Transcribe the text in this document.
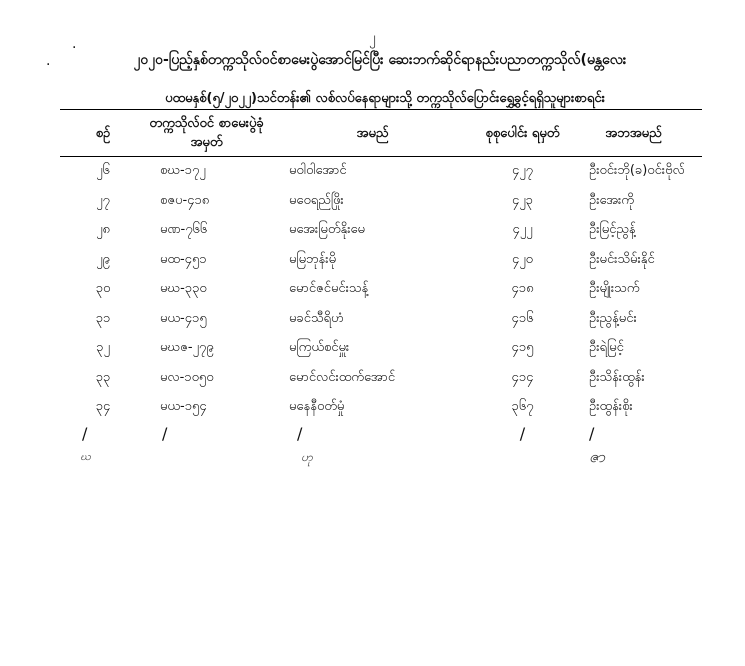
၂
·
·	၂၀၂၀-ပြည့်နှစ်တက္ကသိုလ်ဝင်စာမေးပွဲအောင်မြင်ပြီး ဆေးဘက်ဆိုင်ရာနည်းပညာတက္ကသိုလ်(မန္တလေး
ပထမနှစ်(၅/၂၀၂၂)သင်တန်း၏ လစ်လပ်နေရာများသို့ တက္ကသိုလ်ပြောင်းရွှေ့ခွင့်ရရှိသူများစာရင်း
စဉ်	တက္ကသိုလ်ဝင် စာမေးပွဲခုံအမှတ်	အမည်	စုစုပေါင်း ရမှတ်	အဘအမည်
၂၆	စဃ-၁၇၂	မဝါဝါအောင်	၄၂၇	ဦးဝင်းဘို(ခ)ဝင်းဗိုလ်
၂၇	စဇပ-၄၁၈	မဝေရည်ဖြိုး	၄၂၃	ဦးအေးကို
၂၈	မဏ-၇၆၆	မအေးမြတ်နိုးမေ	၄၂၂	ဦးမြင့်ညွန့်
၂၉	မထ-၄၅၁	မမြဘုန်းမို	၄၂၀	ဦးမင်းသိမ်းနိုင်
၃၀	မဃ-၃၃၀	မောင်ဇင်မင်းသန့်	၄၁၈	ဦးမျိုးသက်
၃၁	မယ-၄၁၅	မခင်သီရိဟံ	၄၁၆	ဦးညွန့်မင်း
၃၂	မဃဇ-၂၇၉	မကြယ်စင်မှူး	၄၁၅	ဦးရဲမြင့်
၃၃	မလ-၁၀၅၀	မောင်လင်းထက်အောင်	၄၁၄	ဦးသိန်းထွန်း
၃၄	မယ-၁၅၄	မနေနီဝတ်မှုံ	၃၆၇	ဦးထွန်းစိုး
/	/	/	/	/
ဃ		ဟု		ဇာ
